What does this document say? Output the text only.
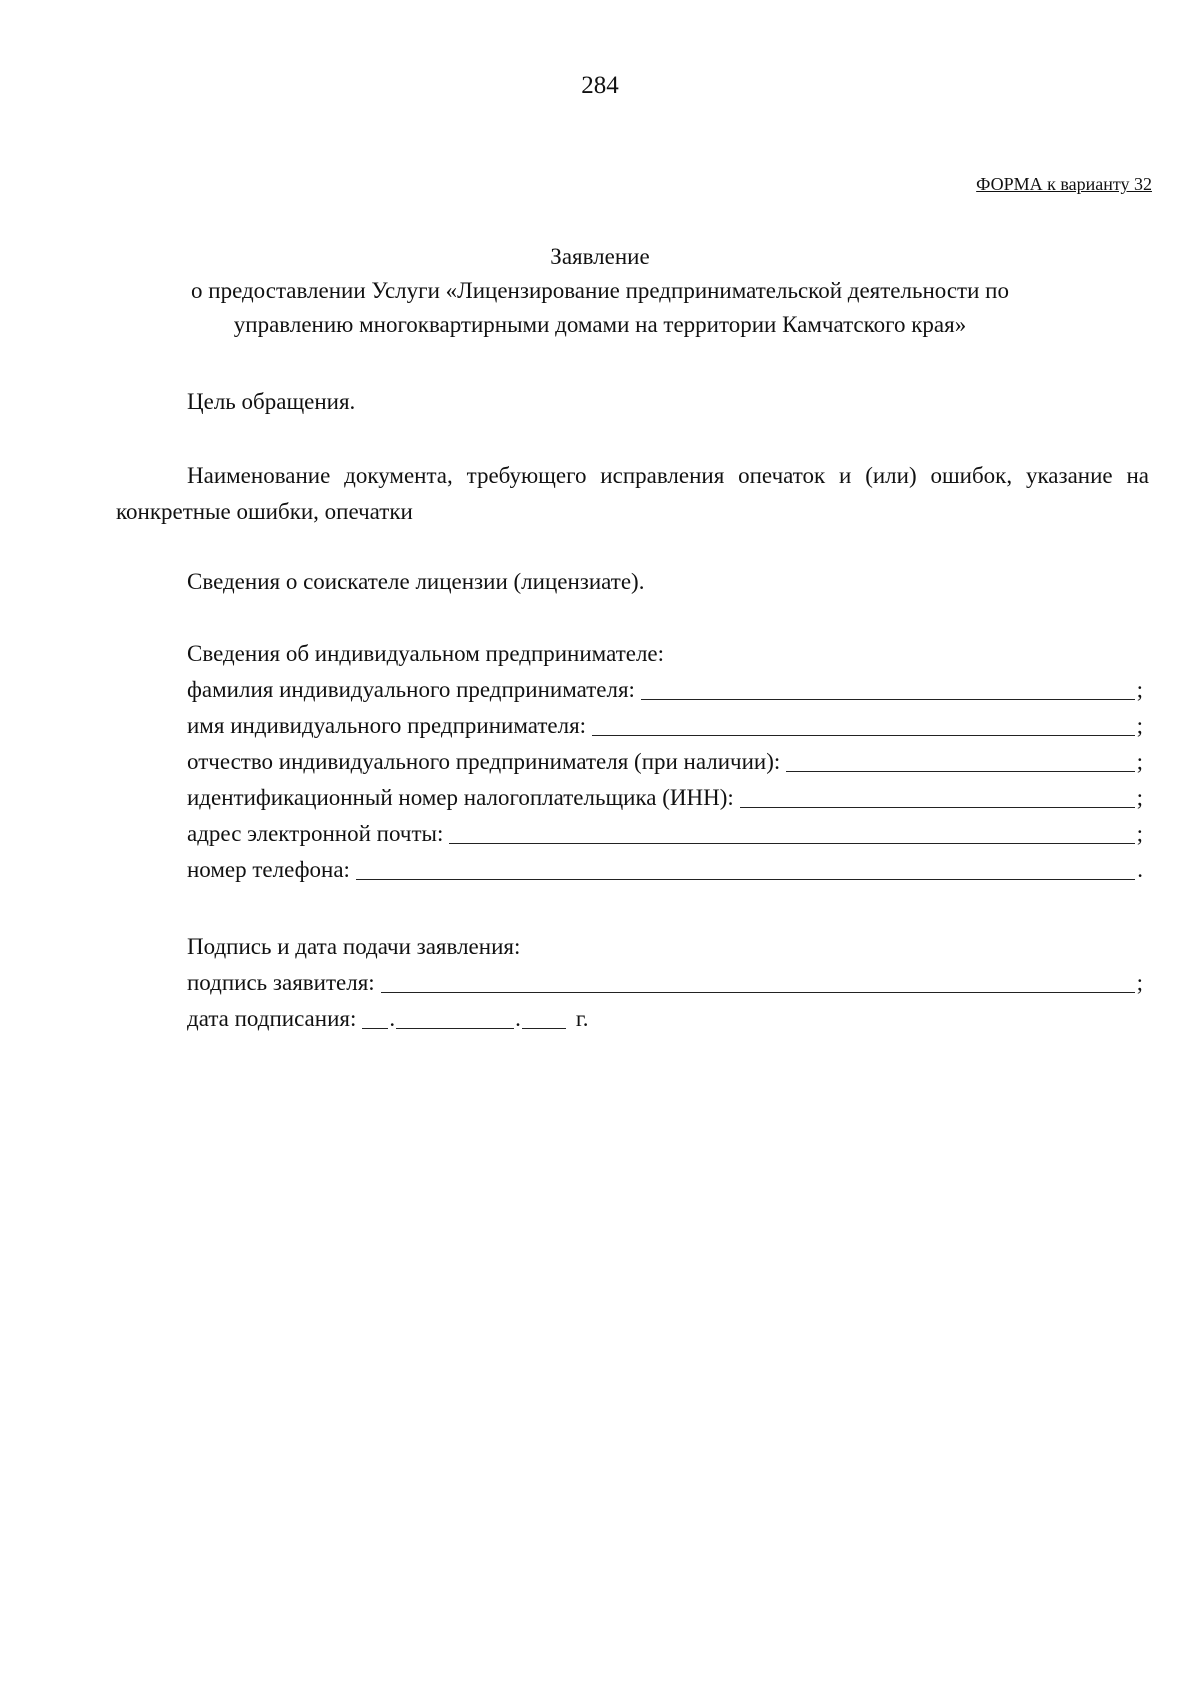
284
ФОРМА к варианту 32
Заявление
о предоставлении Услуги «Лицензирование предпринимательской деятельности по
управлению многоквартирными домами на территории Камчатского края»
Цель обращения.
Наименование документа, требующего исправления опечаток и (или) ошибок, указание на конкретные ошибки, опечатки
Сведения о соискателе лицензии (лицензиате).
Сведения об индивидуальном предпринимателе:
фамилия индивидуального предпринимателя:	;
имя индивидуального предпринимателя:	;
отчество индивидуального предпринимателя (при наличии):	;
идентификационный номер налогоплательщика (ИНН):	;
адрес электронной почты:	;
номер телефона:	.
Подпись и дата подачи заявления:
подпись заявителя:	;
дата подписания: .	.	г.
